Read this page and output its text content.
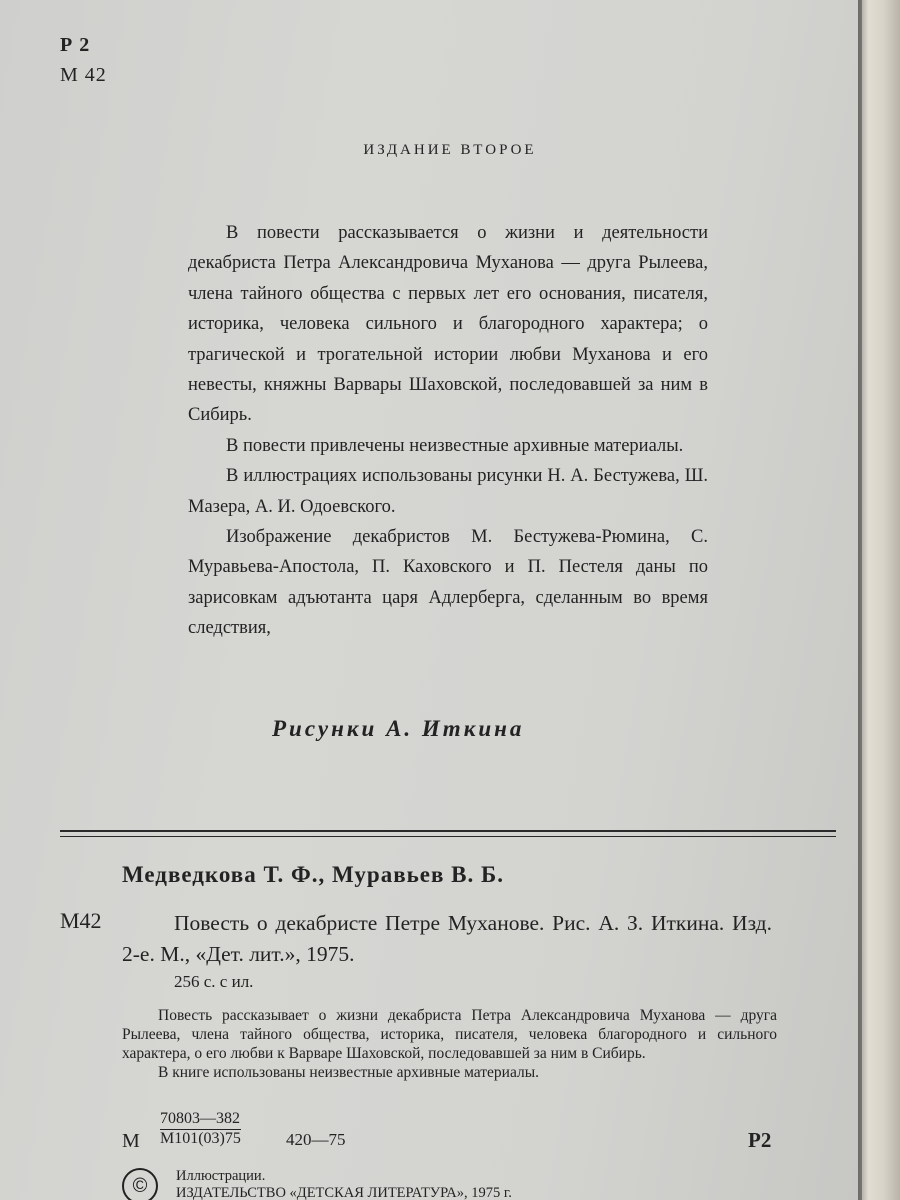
Р 2
М 42
ИЗДАНИЕ ВТОРОЕ
В повести рассказывается о жизни и деятельности декабриста Петра Александровича Муханова — друга Рылеева, члена тайного общества с первых лет его основания, писателя, историка, человека сильного и благородного характера; о трагической и трогательной истории любви Муханова и его невесты, княжны Варвары Шаховской, последовавшей за ним в Сибирь.
В повести привлечены неизвестные архивные материалы.
В иллюстрациях использованы рисунки Н. А. Бестужева, Ш. Мазера, А. И. Одоевского.
Изображение декабристов М. Бестужева-Рюмина, С. Муравьева-Апостола, П. Каховского и П. Пестеля даны по зарисовкам адъютанта царя Адлерберга, сделанным во время следствия,
Рисунки А. Иткина
Медведкова Т. Ф., Муравьев В. Б.
М42	Повесть о декабристе Петре Муханове. Рис. А. З. Иткина. Изд. 2-е. М., «Дет. лит.», 1975.
256 с. с ил.
Повесть рассказывает о жизни декабриста Петра Александровича Муханова — друга Рылеева, члена тайного общества, историка, писателя, человека благородного и сильного характера, о его любви к Варваре Шаховской, последовавшей за ним в Сибирь.
В книге использованы неизвестные архивные материалы.
М
70803—382
М101(03)75	420—75	Р2
©	Иллюстрации.
ИЗДАТЕЛЬСТВО «ДЕТСКАЯ ЛИТЕРАТУРА», 1975 г.
